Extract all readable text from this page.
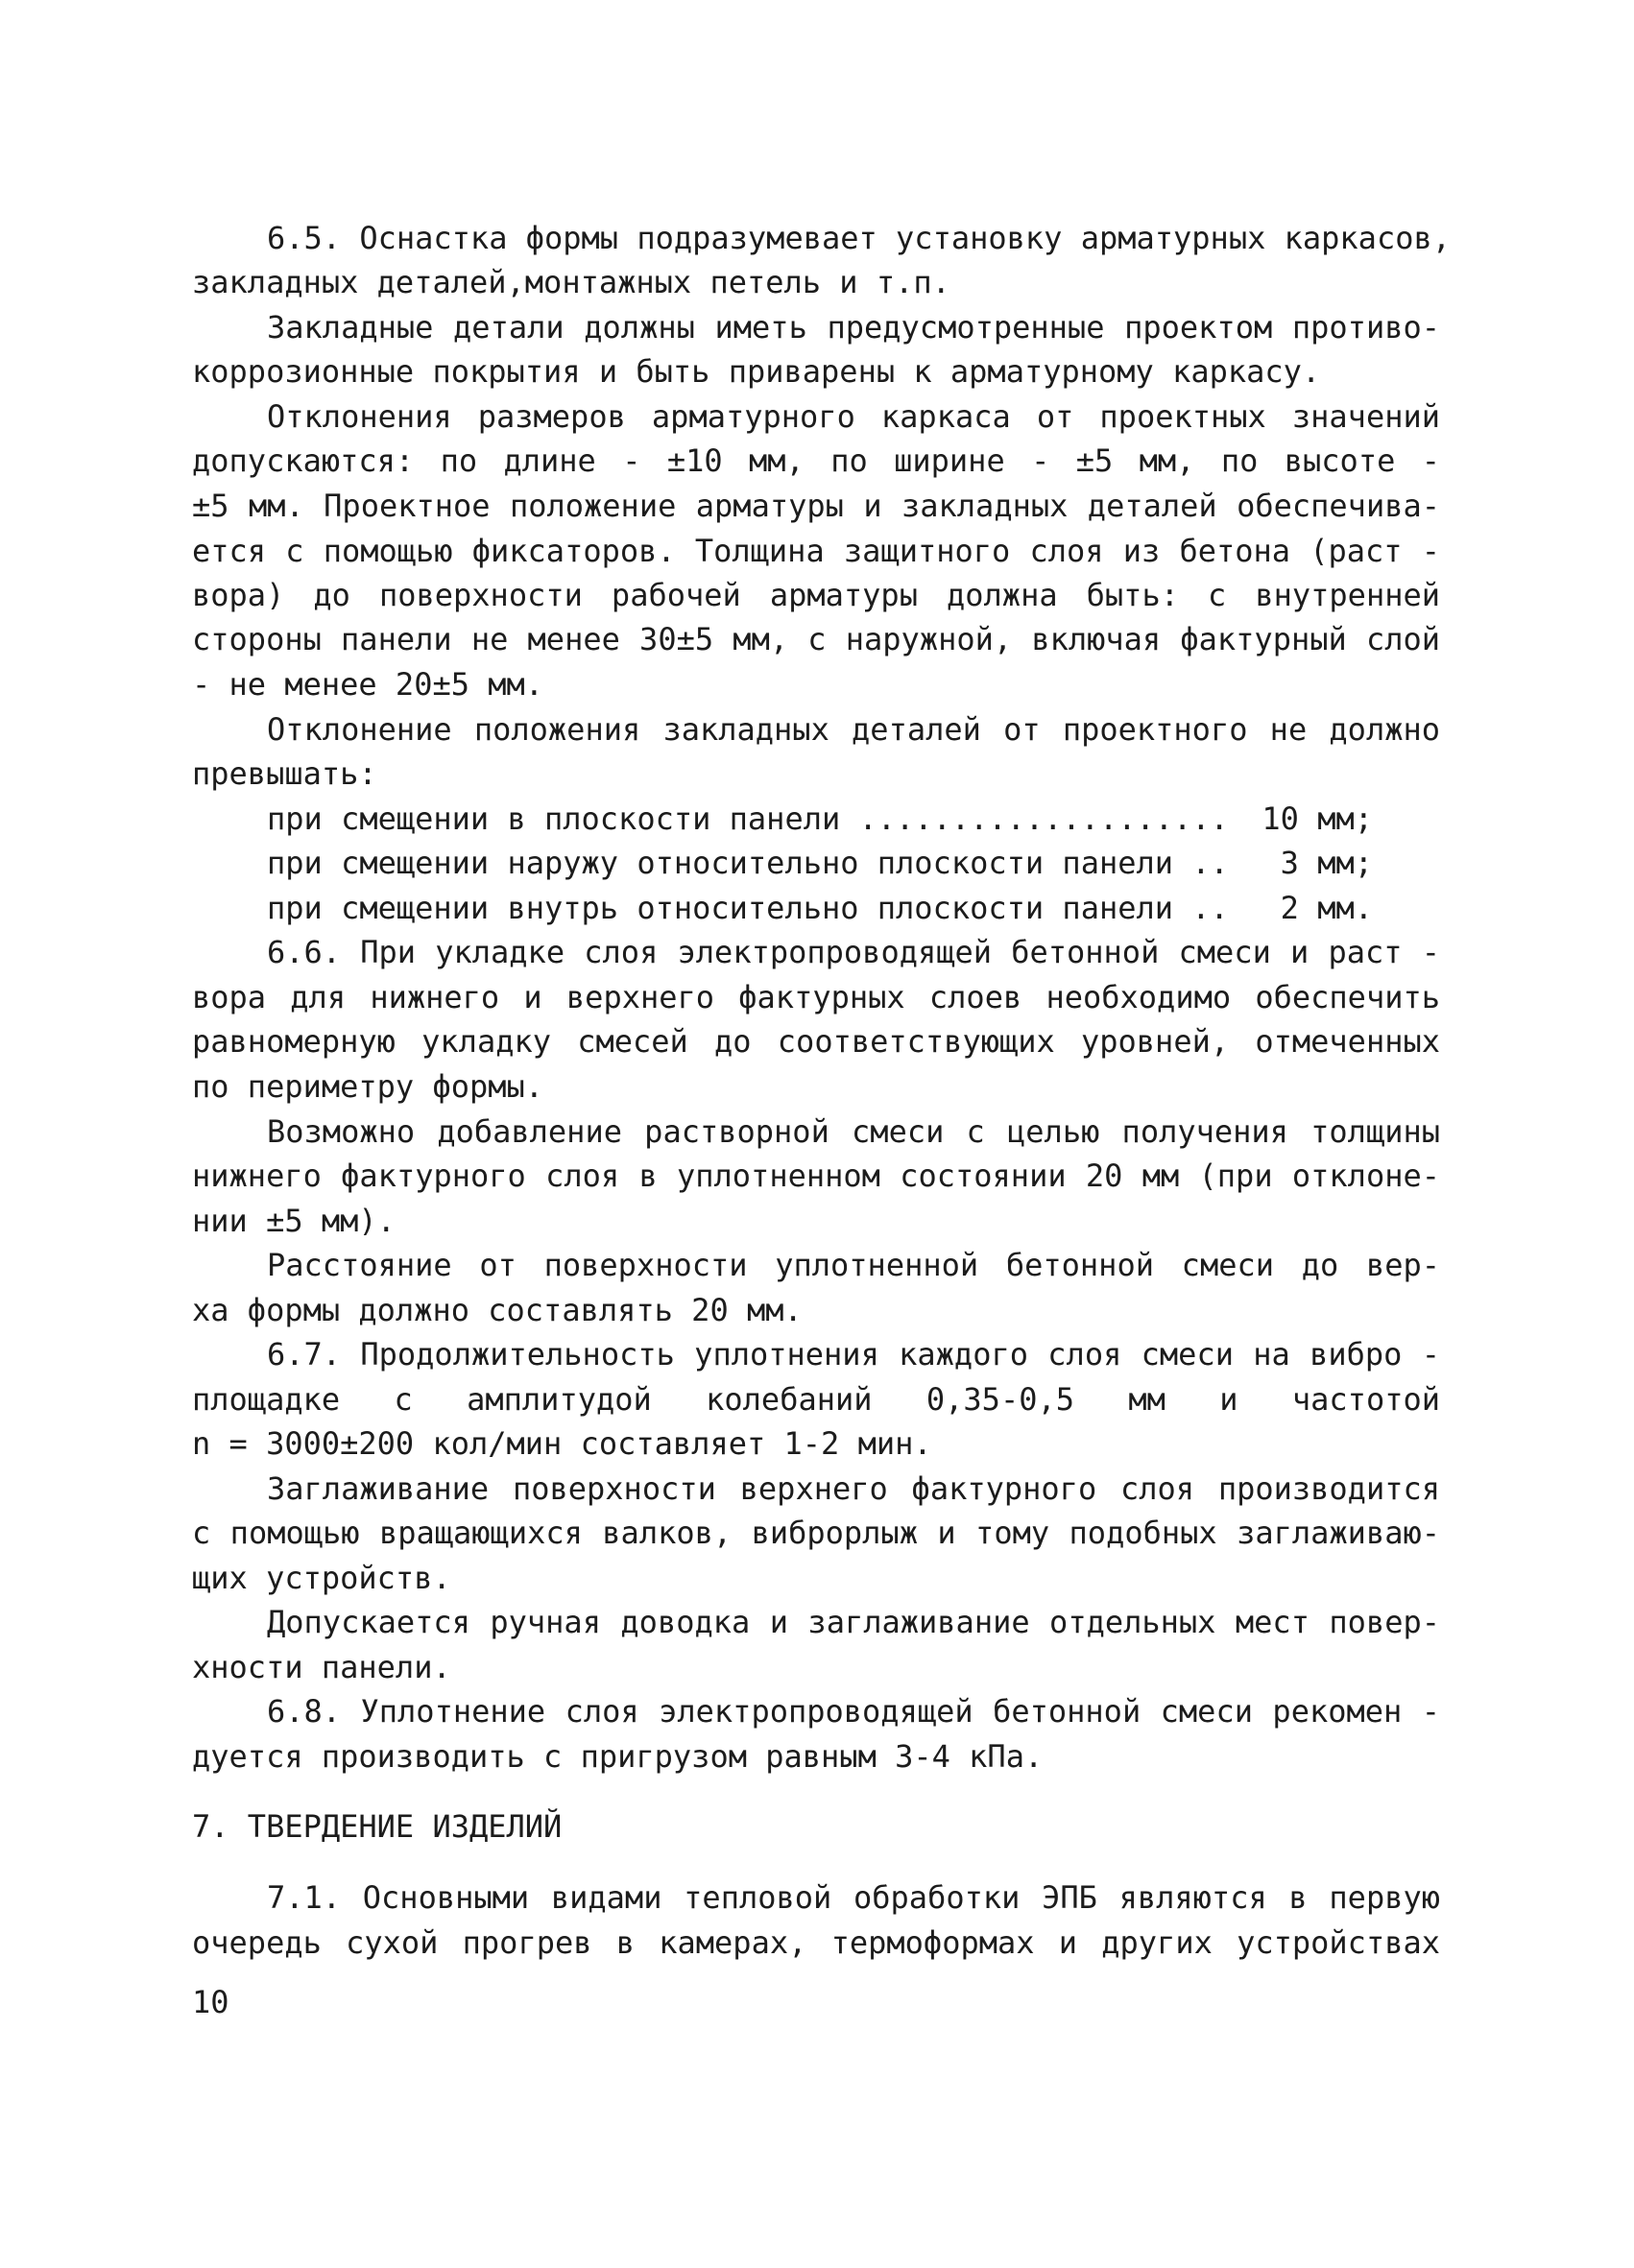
6.5. Оснастка формы подразумевает установку арматурных каркасов,
закладных деталей,монтажных петель и т.п.
Закладные детали должны иметь предусмотренные проектом противо-
коррозионные покрытия и быть приварены к арматурному каркасу.
Отклонения размеров арматурного каркаса от проектных значений
допускаются: по длине - ±10 мм, по ширине - ±5 мм, по высоте -
±5 мм. Проектное положение арматуры и закладных деталей обеспечива-
ется с помощью фиксаторов. Толщина защитного слоя из бетона (раст -
вора) до поверхности рабочей арматуры должна быть: с внутренней
стороны панели не менее 30±5 мм, с наружной, включая фактурный слой
- не менее 20±5 мм.
Отклонение положения закладных деталей от проектного не должно
превышать:

при смещении в плоскости панели ....................

10 мм;

при смещении наружу относительно плоскости панели ..

3 мм;

при смещении внутрь относительно плоскости панели ..

2 мм.

6.6. При укладке слоя электропроводящей бетонной смеси и раст -
вора для нижнего и верхнего фактурных слоев необходимо обеспечить
равномерную укладку смесей до соответствующих уровней, отмеченных
по периметру формы.
Возможно добавление растворной смеси с целью получения толщины
нижнего фактурного слоя в уплотненном состоянии 20 мм (при отклоне-
нии ±5 мм).
Расстояние от поверхности уплотненной бетонной смеси до вер-
ха формы должно составлять 20 мм.
6.7. Продолжительность уплотнения каждого слоя смеси на вибро -
площадке с амплитудой колебаний 0,35-0,5 мм и частотой
n = 3000±200 кол/мин составляет 1-2 мин.
Заглаживание поверхности верхнего фактурного слоя производится
с помощью вращающихся валков, виброрлыж и тому подобных заглаживаю-
щих устройств.
Допускается ручная доводка и заглаживание отдельных мест повер-
хности панели.
6.8. Уплотнение слоя электропроводящей бетонной смеси рекомен -
дуется производить с пригрузом равным 3-4 кПа.
7. ТВЕРДЕНИЕ ИЗДЕЛИЙ
7.1. Основными видами тепловой обработки ЭПБ являются в первую
очередь сухой прогрев в камерах, термоформах и других устройствах
10
